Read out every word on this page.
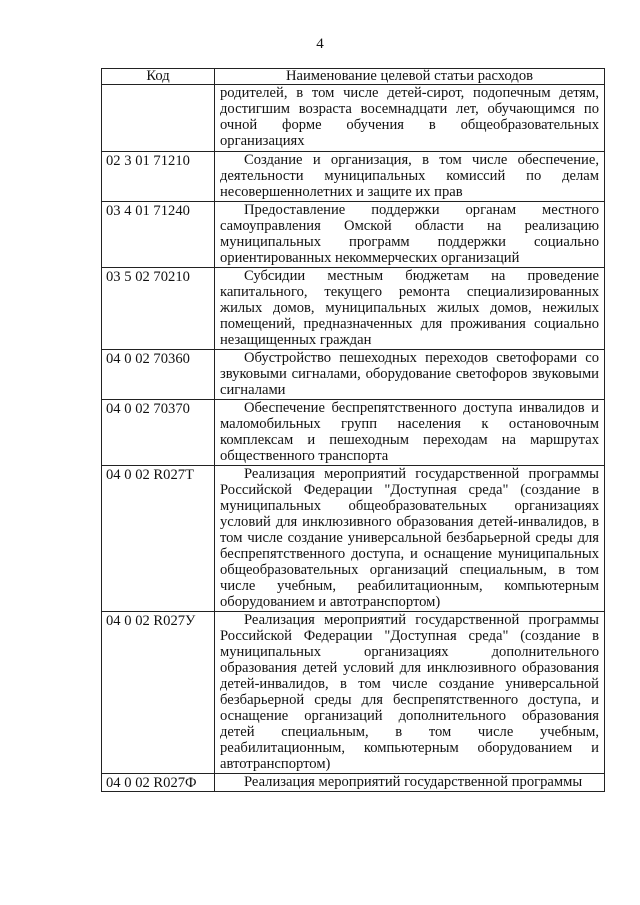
4
Код	Наименование целевой статьи расходов
	родителей, в том числе детей-сирот, подопечным детям, достигшим возраста восемнадцати лет, обучающимся по очной форме обучения в общеобразовательных организациях
02 3 01 71210	Создание и организация, в том числе обеспечение, деятельности муниципальных комиссий по делам несовершеннолетних и защите их прав
03 4 01 71240	Предоставление поддержки органам местного самоуправления Омской области на реализацию муниципальных программ поддержки социально ориентированных некоммерческих организаций
03 5 02 70210	Субсидии местным бюджетам на проведение капитального, текущего ремонта специализированных жилых домов, муниципальных жилых домов, нежилых помещений, предназначенных для проживания социально незащищенных граждан
04 0 02 70360	Обустройство пешеходных переходов светофорами со звуковыми сигналами, оборудование светофоров звуковыми сигналами
04 0 02 70370	Обеспечение беспрепятственного доступа инвалидов и маломобильных групп населения к остановочным комплексам и пешеходным переходам на маршрутах общественного транспорта
04 0 02 R027Т	Реализация мероприятий государственной программы Российской Федерации "Доступная среда" (создание в муниципальных общеобразовательных организациях условий для инклюзивного образования детей-инвалидов, в том числе создание универсальной безбарьерной среды для беспрепятственного доступа, и оснащение муниципальных общеобразовательных организаций специальным, в том числе учебным, реабилитационным, компьютерным оборудованием и автотранспортом)
04 0 02 R027У	Реализация мероприятий государственной программы Российской Федерации "Доступная среда" (создание в муниципальных организациях дополнительного образования детей условий для инклюзивного образования детей-инвалидов, в том числе создание универсальной безбарьерной среды для беспрепятственного доступа, и оснащение организаций дополнительного образования детей специальным, в том числе учебным, реабилитационным, компьютерным оборудованием и автотранспортом)
04 0 02 R027Ф	Реализация мероприятий государственной программы
